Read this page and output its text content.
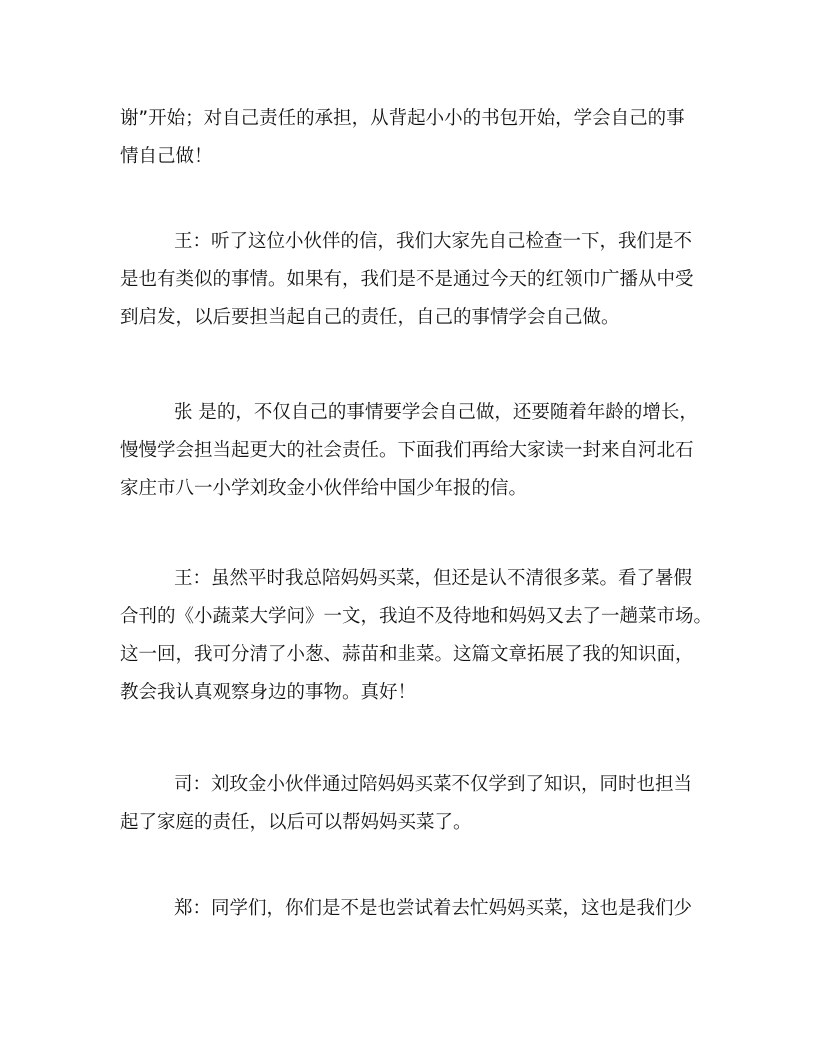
谢”开始；对自己责任的承担，从背起小小的书包开始，学会自己的事
情自己做！
王：听了这位小伙伴的信，我们大家先自己检查一下，我们是不
是也有类似的事情。如果有，我们是不是通过今天的红领巾广播从中受
到启发，以后要担当起自己的责任，自己的事情学会自己做。
张 是的，不仅自己的事情要学会自己做，还要随着年龄的增长，
慢慢学会担当起更大的社会责任。下面我们再给大家读一封来自河北石
家庄市八一小学刘玫金小伙伴给中国少年报的信。
王：虽然平时我总陪妈妈买菜，但还是认不清很多菜。看了暑假
合刊的《小蔬菜大学问》一文，我迫不及待地和妈妈又去了一趟菜市场。
这一回，我可分清了小葱、蒜苗和韭菜。这篇文章拓展了我的知识面，
教会我认真观察身边的事物。真好！
司：刘玫金小伙伴通过陪妈妈买菜不仅学到了知识，同时也担当
起了家庭的责任，以后可以帮妈妈买菜了。
郑：同学们，你们是不是也尝试着去忙妈妈买菜，这也是我们少
